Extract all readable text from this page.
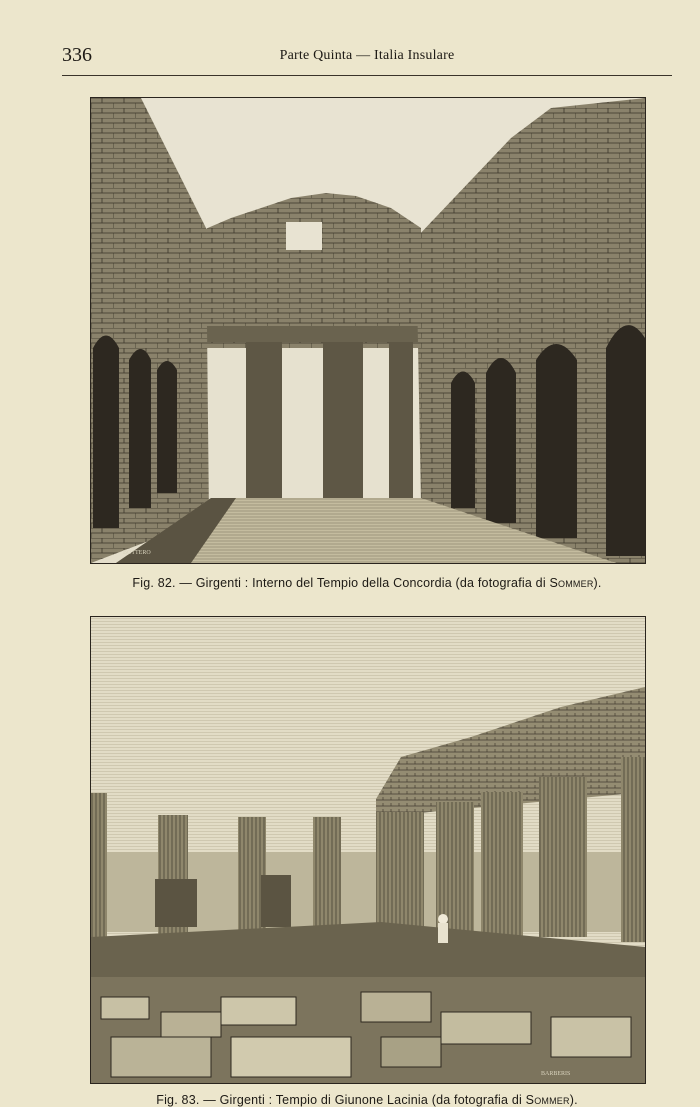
336	Parte Quinta — Italia Insulare
BOTTERO
Fig. 82. — Girgenti : Interno del Tempio della Concordia (da fotografia di Sommer).
BARBERIS
Fig. 83. — Girgenti : Tempio di Giunone Lacinia (da fotografia di Sommer).
